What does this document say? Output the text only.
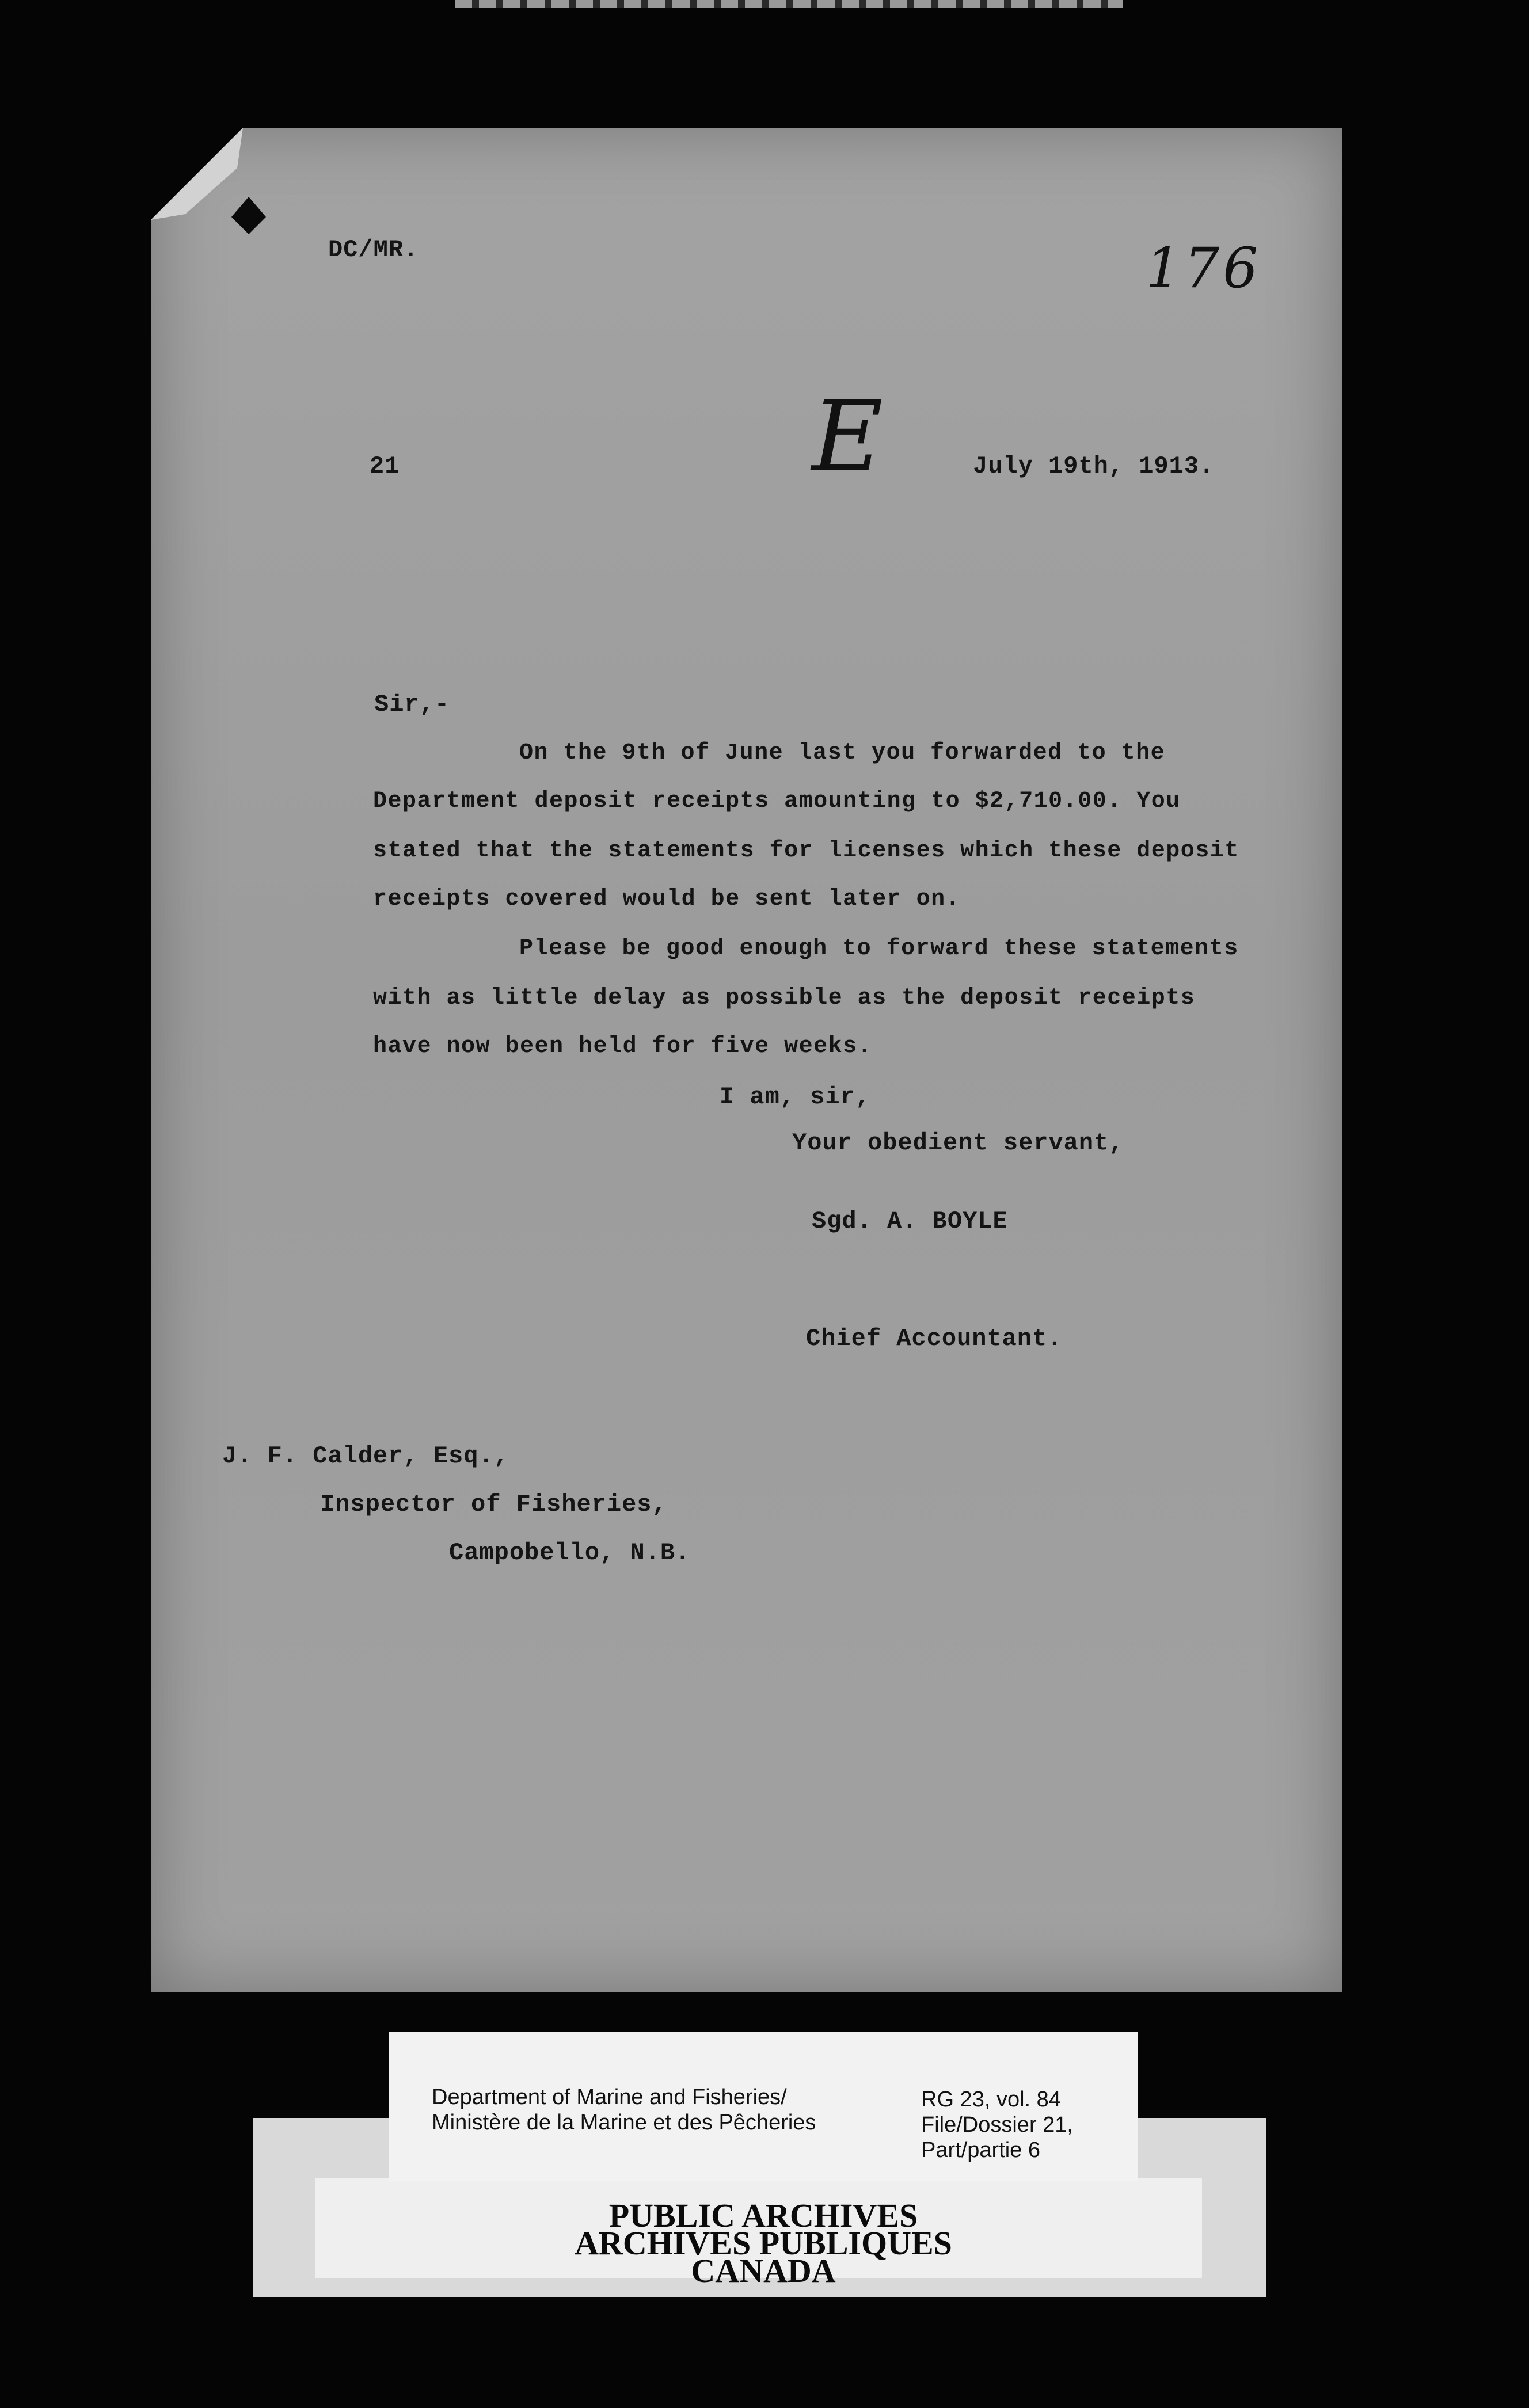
DC/MR.	176
E
21	July 19th, 1913.
Sir,-
On the 9th of June last you forwarded to the
Department deposit receipts amounting to $2,710.00. You
stated that the statements for licenses which these deposit
receipts covered would be sent later on.
Please be good enough to forward these statements
with as little delay as possible as the deposit receipts
have now been held for five weeks.
I am, sir,
Your obedient servant,
Sgd. A. BOYLE
Chief Accountant.
J. F. Calder, Esq.,
Inspector of Fisheries,
Campobello, N.B.
Department of Marine and Fisheries/
Ministère de la Marine et des Pêcheries
RG 23, vol. 84
File/Dossier 21,
Part/partie 6
PUBLIC ARCHIVES
ARCHIVES PUBLIQUES
CANADA
